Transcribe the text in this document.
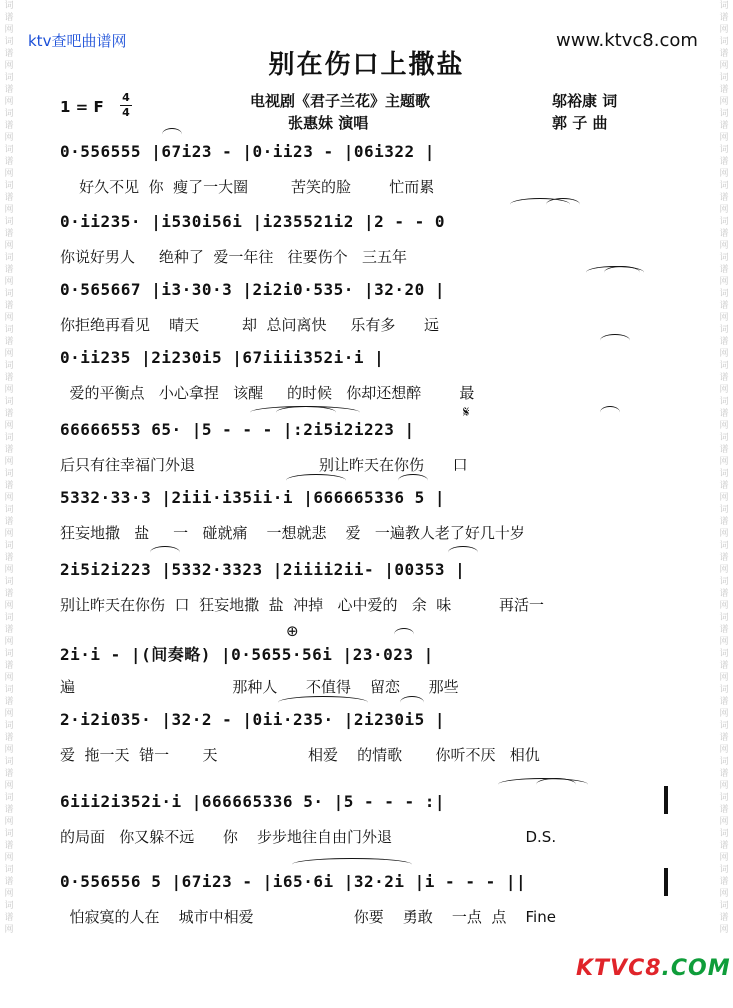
词谱网词谱网词谱网词谱网词谱网词谱网词谱网词谱网词谱网词谱网词谱网词谱网词谱网词谱网词谱网词谱网词谱网词谱网词谱网词谱网词谱网词谱网词谱网词谱网词谱网词谱网
词谱网词谱网词谱网词谱网词谱网词谱网词谱网词谱网词谱网词谱网词谱网词谱网词谱网词谱网词谱网词谱网词谱网词谱网词谱网词谱网词谱网词谱网词谱网词谱网词谱网词谱网
ktv查吧曲谱网	www.ktvc8.com
别在伤口上撒盐
1 = F
4
4
电视剧《君子兰花》主题歌
张惠妹 演唱
邬裕康 词
郭 子 曲
0·556555 |67i23 - |0·ii23 - |06i322 |
好久不见  你  瘦了一大圈         苦笑的脸        忙而累
0·ii235· |i530i56i |i235521i2 |2 - - 0
你说好男人     绝种了  爱一年往   往要伤个   三五年
0·565667 |i3·30·3 |2i2i0·535· |32·20 |
你拒绝再看见    晴天         却  总问离快     乐有多      远
0·ii235 |2i230i5 |67iiii352i·i |
爱的平衡点   小心拿捏   该醒     的时候   你却还想醉        最
66666553 65· |5 - - - |:2i5i2i223 |
后只有往幸福门外退                          别让昨天在你伤      口
5332·33·3 |2iii·i35ii·i |666665336 5 |
狂妄地撒   盐     一   碰就痛    一想就悲    爱   一遍教人老了好几十岁
2i5i2i223 |5332·3323 |2iiii2ii- |00353 |
别让昨天在你伤  口  狂妄地撒  盐  冲掉   心中爱的   余  味          再活一
2i·i - |(间奏略) |0·5655·56i |23·023 |
遍                                 那种人      不值得    留恋      那些
2·i2i035· |32·2 - |0ii·235· |2i230i5 |
爱  拖一天  错一       天                   相爱    的情歌       你听不厌   相仇
6iii2i352i·i |666665336 5· |5 - - - :|
的局面   你又躲不远      你    步步地往自由门外退                            D.S.
0·556556 5 |67i23 - |i65·6i |32·2i |i - - - ||
怕寂寞的人在    城市中相爱                     你要    勇敢    一点  点    Fine
𝄋
⊕
KTVC8.COM
